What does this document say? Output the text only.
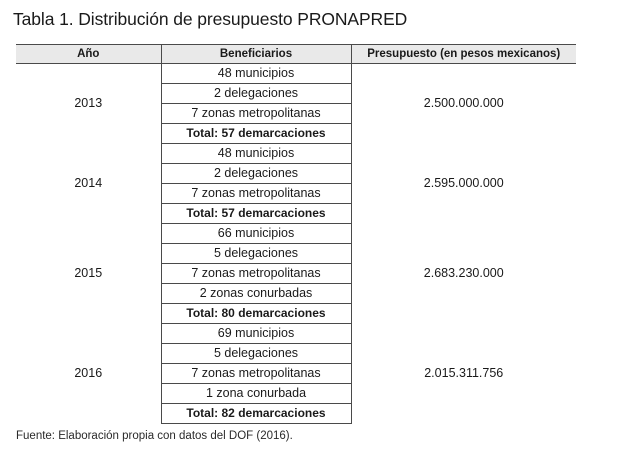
Tabla 1. Distribución de presupuesto PRONAPRED
Año	Beneficiarios	Presupuesto (en pesos mexicanos)
2013	48 municipios	2.500.000.000
	2 delegaciones	
	7 zonas metropolitanas	
	Total: 57 demarcaciones	
2014	48 municipios	2.595.000.000
	2 delegaciones	
	7 zonas metropolitanas	
	Total: 57 demarcaciones	
2015	66 municipios	2.683.230.000
	5 delegaciones	
	7 zonas metropolitanas	
	2 zonas conurbadas	
	Total: 80 demarcaciones	
2016	69 municipios	2.015.311.756
	5 delegaciones	
	7 zonas metropolitanas	
	1 zona conurbada	
	Total: 82 demarcaciones	
Fuente: Elaboración propia con datos del DOF (2016).
